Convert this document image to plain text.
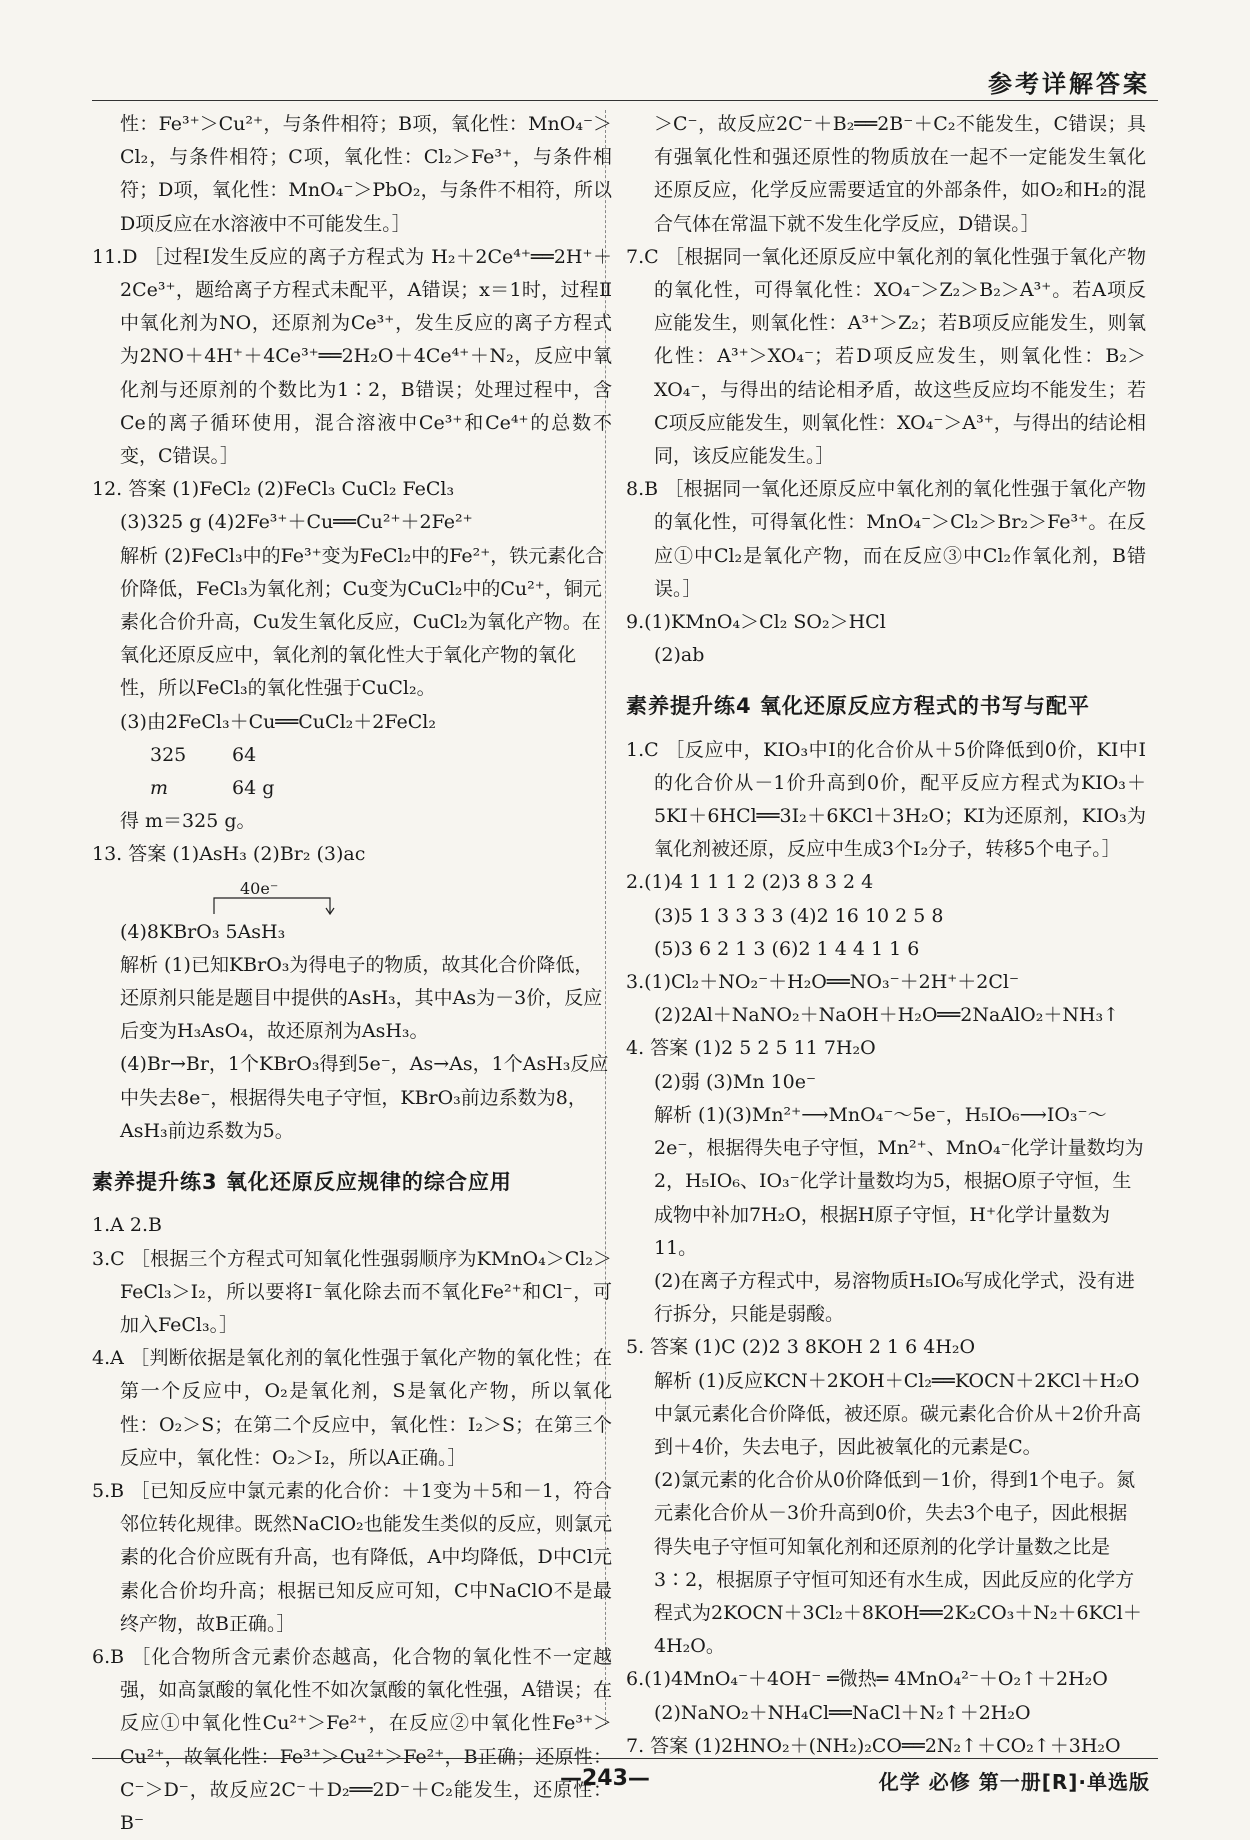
参考详解答案

性：Fe³⁺＞Cu²⁺，与条件相符；B项，氧化性：MnO₄⁻＞Cl₂，与条件相符；C项，氧化性：Cl₂＞Fe³⁺，与条件相符；D项，氧化性：MnO₄⁻＞PbO₂，与条件不相符，所以D项反应在水溶液中不可能发生。］

11.D ［过程Ⅰ发生反应的离子方程式为 H₂＋2Ce⁴⁺══2H⁺＋2Ce³⁺，题给离子方程式未配平，A错误；x＝1时，过程Ⅱ中氧化剂为NO，还原剂为Ce³⁺，发生反应的离子方程式为2NO＋4H⁺＋4Ce³⁺══2H₂O＋4Ce⁴⁺＋N₂，反应中氧化剂与还原剂的个数比为1∶2，B错误；处理过程中，含Ce的离子循环使用，混合溶液中Ce³⁺和Ce⁴⁺的总数不变，C错误。］

12. 答案 (1)FeCl₂ (2)FeCl₃ CuCl₂ FeCl₃

(3)325 g (4)2Fe³⁺＋Cu══Cu²⁺＋2Fe²⁺

解析 (2)FeCl₃中的Fe³⁺变为FeCl₂中的Fe²⁺，铁元素化合价降低，FeCl₃为氧化剂；Cu变为CuCl₂中的Cu²⁺，铜元素化合价升高，Cu发生氧化反应，CuCl₂为氧化产物。在氧化还原反应中，氧化剂的氧化性大于氧化产物的氧化性，所以FeCl₃的氧化性强于CuCl₂。

(3)由2FeCl₃＋Cu══CuCl₂＋2FeCl₂

325 64
m	64 g

得 m＝325 g。

13. 答案 (1)AsH₃ (2)Br₂ (3)ac

40e⁻

(4)8KBrO₃ 5AsH₃

解析 (1)已知KBrO₃为得电子的物质，故其化合价降低，还原剂只能是题目中提供的AsH₃，其中As为－3价，反应后变为H₃AsO₄，故还原剂为AsH₃。

(4)Br→Br，1个KBrO₃得到5e⁻，As→As，1个AsH₃反应中失去8e⁻，根据得失电子守恒，KBrO₃前边系数为8，AsH₃前边系数为5。

素养提升练3 氧化还原反应规律的综合应用

1.A 2.B

3.C ［根据三个方程式可知氧化性强弱顺序为KMnO₄＞Cl₂＞FeCl₃＞I₂，所以要将I⁻氧化除去而不氧化Fe²⁺和Cl⁻，可加入FeCl₃。］

4.A ［判断依据是氧化剂的氧化性强于氧化产物的氧化性；在第一个反应中，O₂是氧化剂，S是氧化产物，所以氧化性：O₂＞S；在第二个反应中，氧化性：I₂＞S；在第三个反应中，氧化性：O₂＞I₂，所以A正确。］

5.B ［已知反应中氯元素的化合价：＋1变为＋5和－1，符合邻位转化规律。既然NaClO₂也能发生类似的反应，则氯元素的化合价应既有升高，也有降低，A中均降低，D中Cl元素化合价均升高；根据已知反应可知，C中NaClO不是最终产物，故B正确。］

6.B ［化合物所含元素价态越高，化合物的氧化性不一定越强，如高氯酸的氧化性不如次氯酸的氧化性强，A错误；在反应①中氧化性Cu²⁺＞Fe²⁺，在反应②中氧化性Fe³⁺＞Cu²⁺，故氧化性：Fe³⁺＞Cu²⁺＞Fe²⁺，B正确；还原性：C⁻＞D⁻，故反应2C⁻＋D₂══2D⁻＋C₂能发生，还原性：B⁻

＞C⁻，故反应2C⁻＋B₂══2B⁻＋C₂不能发生，C错误；具有强氧化性和强还原性的物质放在一起不一定能发生氧化还原反应，化学反应需要适宜的外部条件，如O₂和H₂的混合气体在常温下就不发生化学反应，D错误。］

7.C ［根据同一氧化还原反应中氧化剂的氧化性强于氧化产物的氧化性，可得氧化性：XO₄⁻＞Z₂＞B₂＞A³⁺。若A项反应能发生，则氧化性：A³⁺＞Z₂；若B项反应能发生，则氧化性：A³⁺＞XO₄⁻；若D项反应发生，则氧化性：B₂＞XO₄⁻，与得出的结论相矛盾，故这些反应均不能发生；若C项反应能发生，则氧化性：XO₄⁻＞A³⁺，与得出的结论相同，该反应能发生。］

8.B ［根据同一氧化还原反应中氧化剂的氧化性强于氧化产物的氧化性，可得氧化性：MnO₄⁻＞Cl₂＞Br₂＞Fe³⁺。在反应①中Cl₂是氧化产物，而在反应③中Cl₂作氧化剂，B错误。］

9.(1)KMnO₄＞Cl₂ SO₂＞HCl

(2)ab

素养提升练4 氧化还原反应方程式的书写与配平

1.C ［反应中，KIO₃中I的化合价从＋5价降低到0价，KI中I的化合价从－1价升高到0价，配平反应方程式为KIO₃＋5KI＋6HCl══3I₂＋6KCl＋3H₂O；KI为还原剂，KIO₃为氧化剂被还原，反应中生成3个I₂分子，转移5个电子。］

2.(1)4 1 1 1 2 (2)3 8 3 2 4

(3)5 1 3 3 3 3 (4)2 16 10 2 5 8

(5)3 6 2 1 3 (6)2 1 4 4 1 1 6

3.(1)Cl₂＋NO₂⁻＋H₂O══NO₃⁻＋2H⁺＋2Cl⁻

(2)2Al＋NaNO₂＋NaOH＋H₂O══2NaAlO₂＋NH₃↑

4. 答案 (1)2 5 2 5 11 7H₂O

(2)弱 (3)Mn 10e⁻

解析 (1)(3)Mn²⁺⟶MnO₄⁻～5e⁻，H₅IO₆⟶IO₃⁻～2e⁻，根据得失电子守恒，Mn²⁺、MnO₄⁻化学计量数均为2，H₅IO₆、IO₃⁻化学计量数均为5，根据O原子守恒，生成物中补加7H₂O，根据H原子守恒，H⁺化学计量数为11。

(2)在离子方程式中，易溶物质H₅IO₆写成化学式，没有进行拆分，只能是弱酸。

5. 答案 (1)C (2)2 3 8KOH 2 1 6 4H₂O

解析 (1)反应KCN＋2KOH＋Cl₂══KOCN＋2KCl＋H₂O中氯元素化合价降低，被还原。碳元素化合价从＋2价升高到＋4价，失去电子，因此被氧化的元素是C。

(2)氯元素的化合价从0价降低到－1价，得到1个电子。氮元素化合价从－3价升高到0价，失去3个电子，因此根据得失电子守恒可知氧化剂和还原剂的化学计量数之比是3∶2，根据原子守恒可知还有水生成，因此反应的化学方程式为2KOCN＋3Cl₂＋8KOH══2K₂CO₃＋N₂＋6KCl＋4H₂O。

6.(1)4MnO₄⁻＋4OH⁻ ═微热═ 4MnO₄²⁻＋O₂↑＋2H₂O

(2)NaNO₂＋NH₄Cl══NaCl＋N₂↑＋2H₂O

7. 答案 (1)2HNO₂＋(NH₂)₂CO══2N₂↑＋CO₂↑＋3H₂O

—243—	化学 必修 第一册[R]·单选版
